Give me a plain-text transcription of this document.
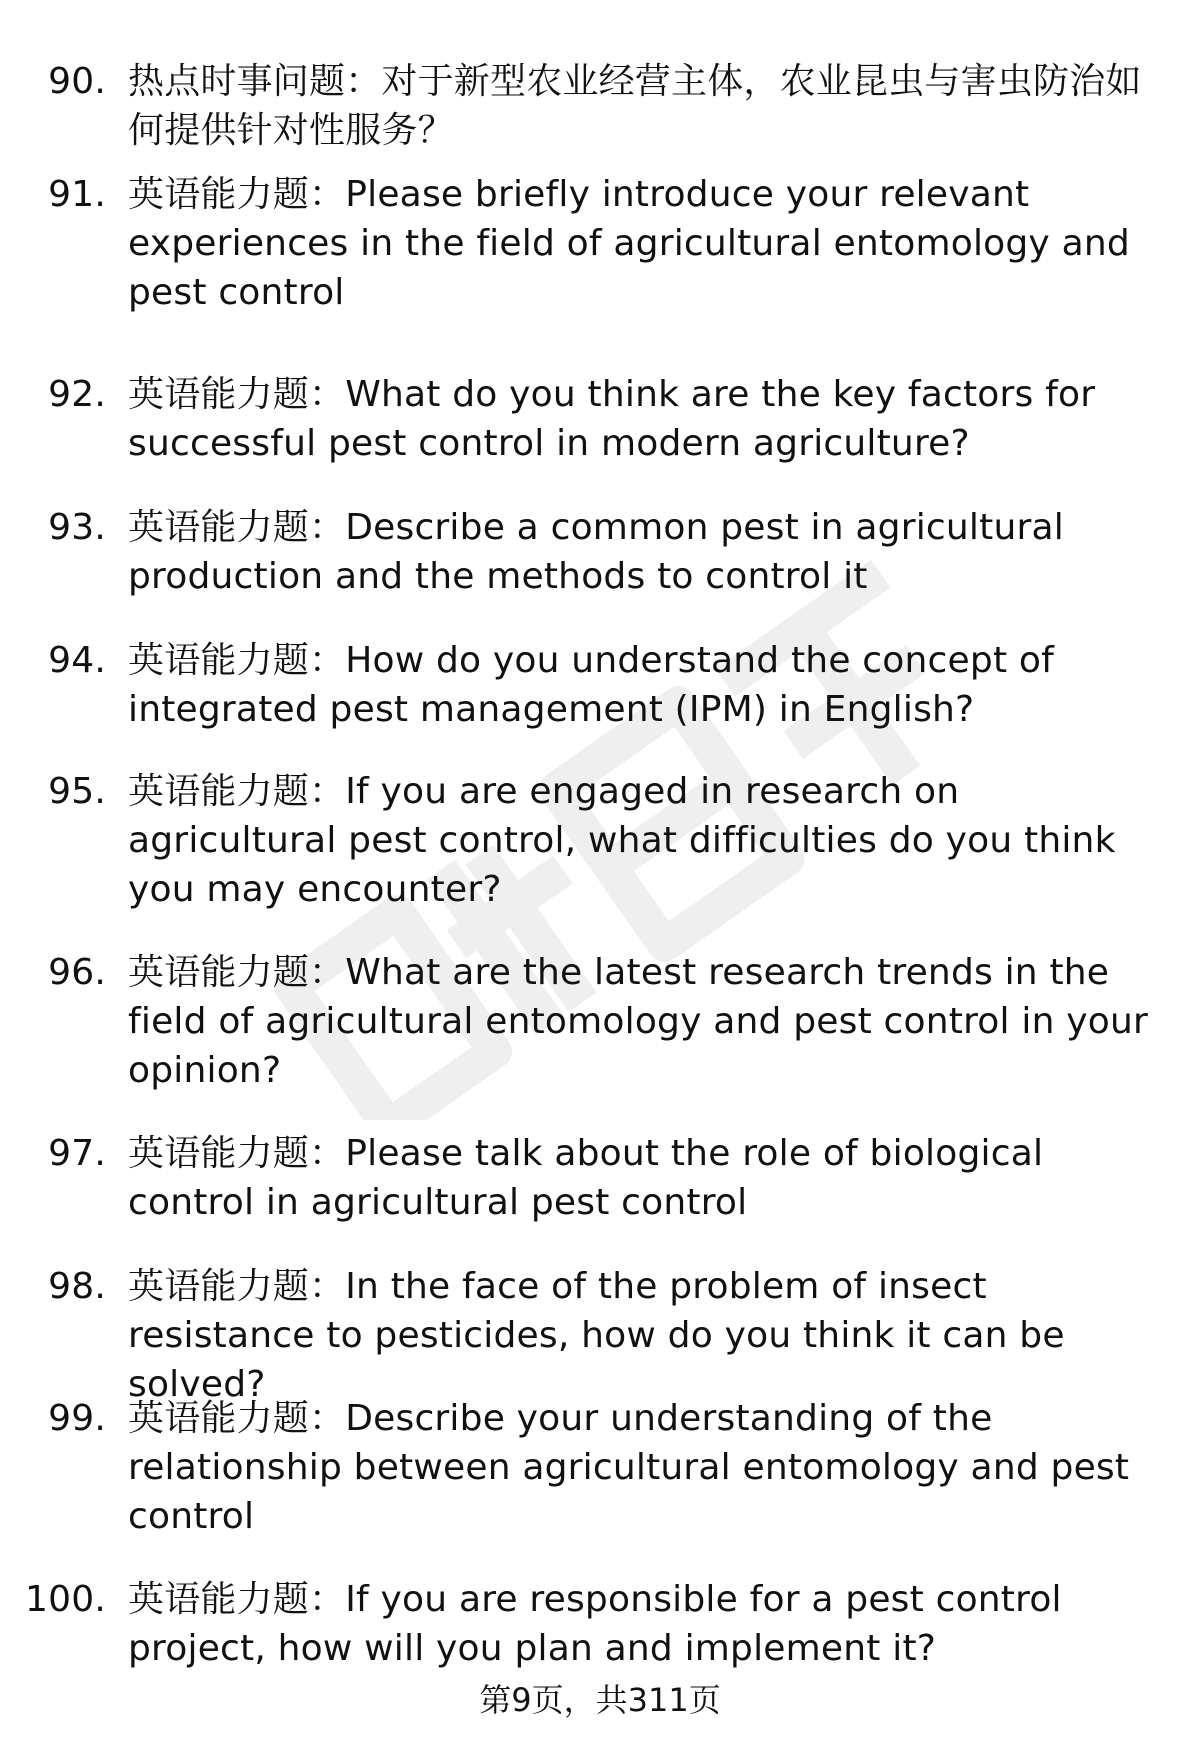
90. 热点时事问题：对于新型农业经营主体，农业昆虫与害虫防治如何提供针对性服务？
91. 英语能力题：Please briefly introduce your relevant experiences in the field of agricultural entomology and pest control
92. 英语能力题：What do you think are the key factors for successful pest control in modern agriculture?
93. 英语能力题：Describe a common pest in agricultural production and the methods to control it
94. 英语能力题：How do you understand the concept of integrated pest management (IPM) in English?
95. 英语能力题：If you are engaged in research on agricultural pest control, what difficulties do you think you may encounter?
96. 英语能力题：What are the latest research trends in the field of agricultural entomology and pest control in your opinion?
97. 英语能力题：Please talk about the role of biological control in agricultural pest control
98. 英语能力题：In the face of the problem of insect resistance to pesticides, how do you think it can be solved?
99. 英语能力题：Describe your understanding of the relationship between agricultural entomology and pest control
100. 英语能力题：If you are responsible for a pest control project, how will you plan and implement it?
第9页，共311页
